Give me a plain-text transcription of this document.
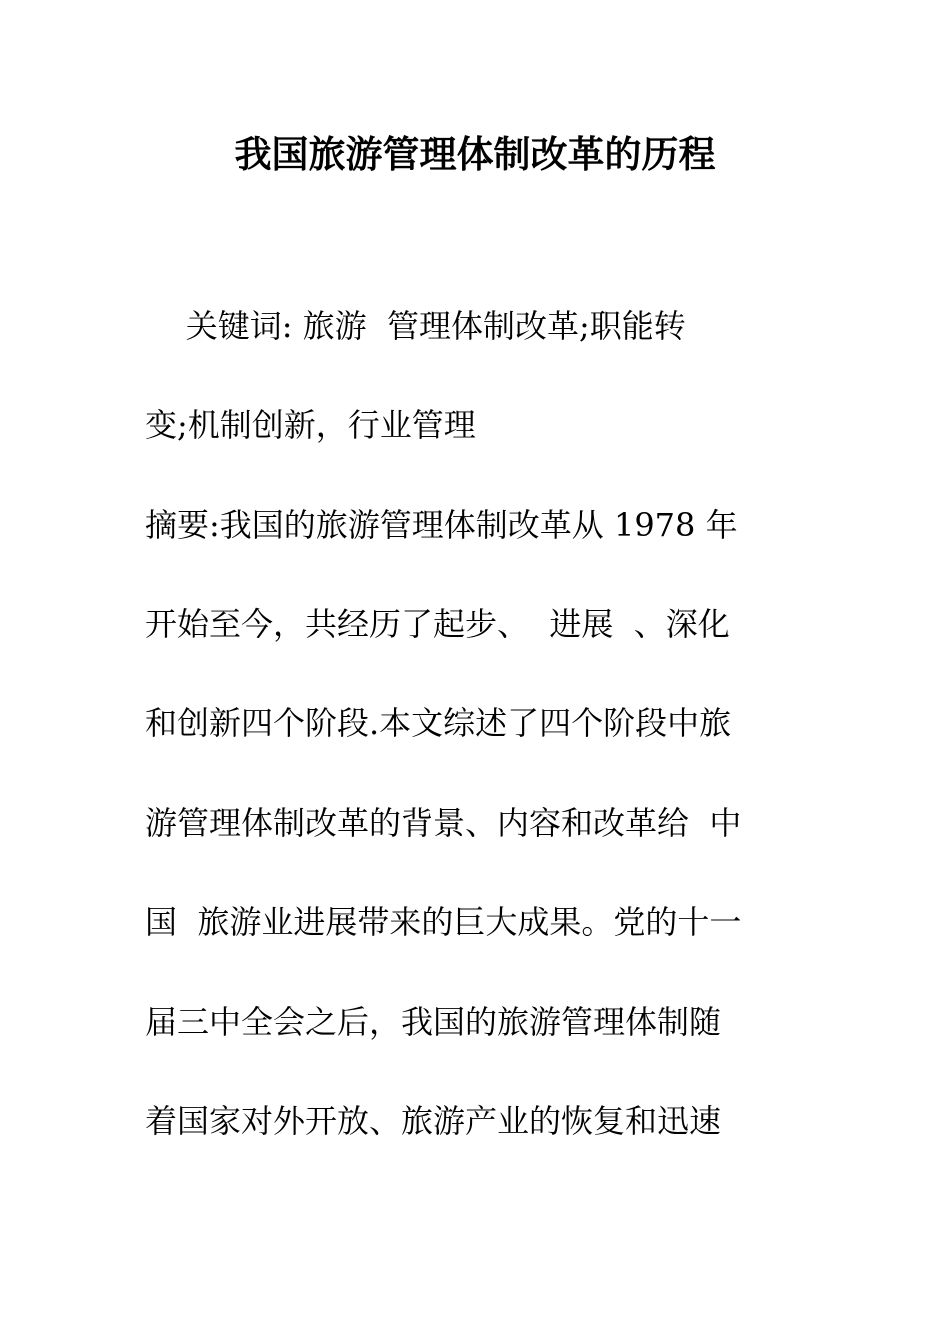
我国旅游管理体制改革的历程
关键词: 旅游  管理体制改革;职能转
变;机制创新，行业管理
摘要:我国的旅游管理体制改革从 1978 年
开始至今，共经历了起步、  进展  、深化
和创新四个阶段.本文综述了四个阶段中旅
游管理体制改革的背景、内容和改革给  中
国  旅游业进展带来的巨大成果。党的十一
届三中全会之后，我国的旅游管理体制随
着国家对外开放、旅游产业的恢复和迅速
